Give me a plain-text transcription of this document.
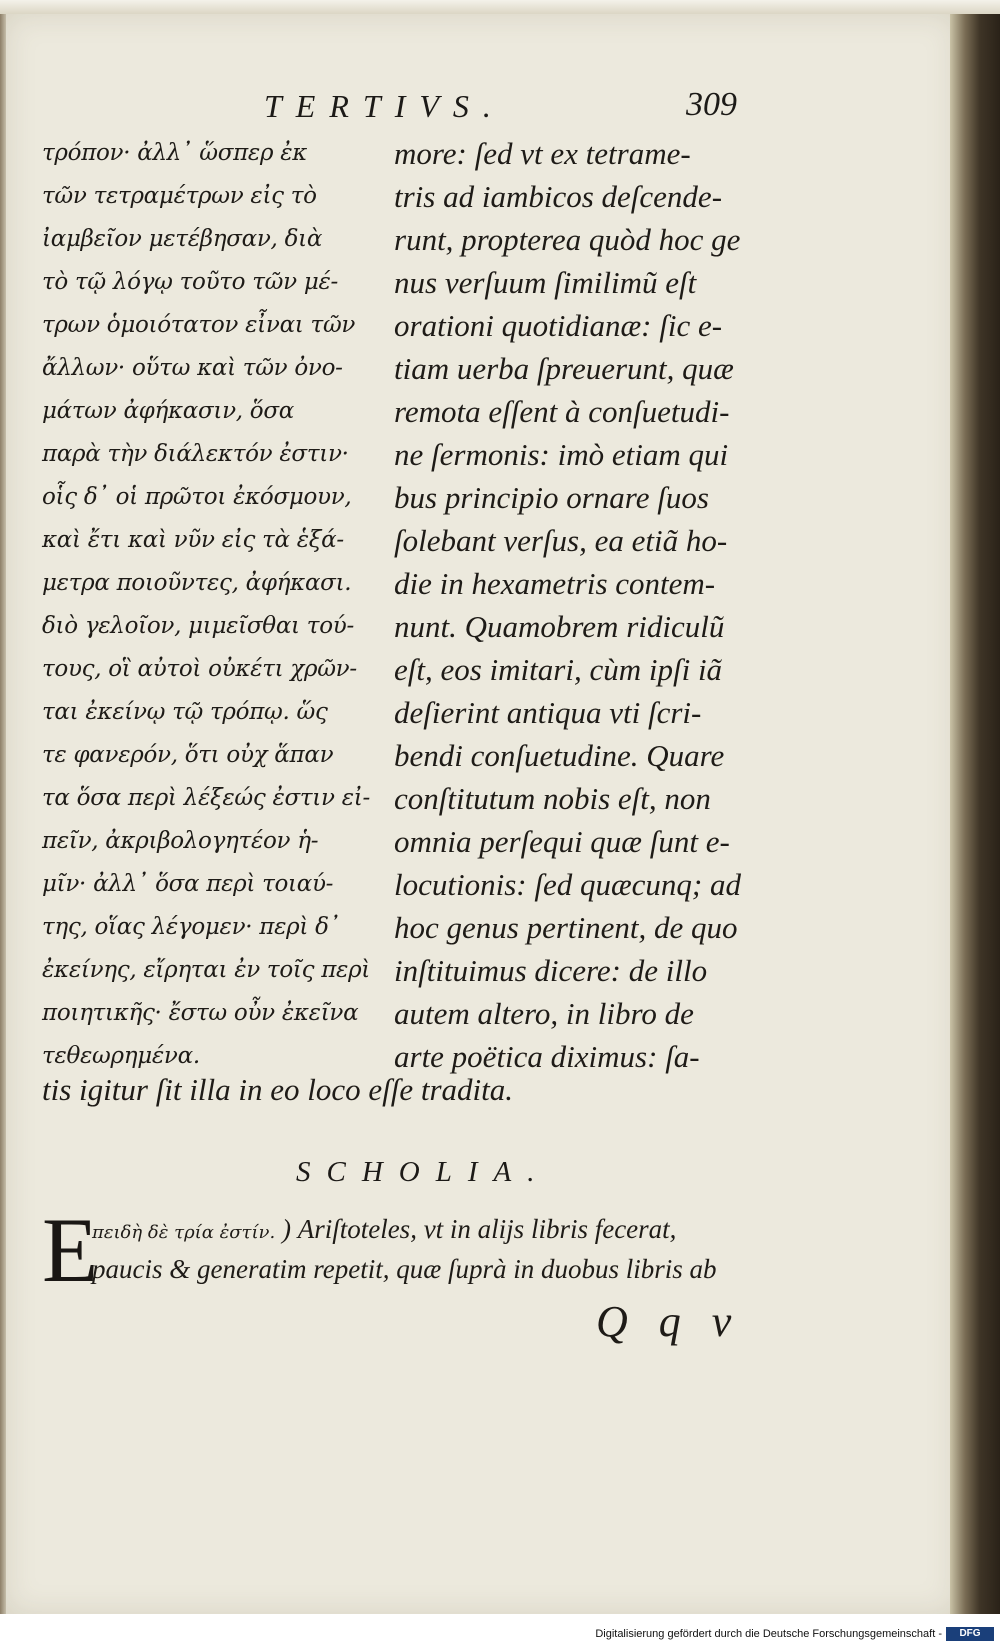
TERTIVS.	309
τρόπον· ἀλλ᾽ ὥσπερ ἐκ
τῶν τετραμέτρων εἰς τὸ
ἰαμβεῖον μετέβησαν, διὰ
τὸ τῷ λόγῳ τοῦτο τῶν μέ-
τρων ὁμοιότατον εἶναι τῶν
ἄλλων· οὕτω καὶ τῶν ὀνο-
μάτων ἀφήκασιν, ὅσα
παρὰ τὴν διάλεκτόν ἐστιν·
οἷς δ᾽ οἱ πρῶτοι ἐκόσμουν,
καὶ ἔτι καὶ νῦν εἰς τὰ ἑξά-
μετρα ποιοῦντες, ἀφήκασι.
διὸ γελοῖον, μιμεῖσθαι τού-
τους, οἳ αὐτοὶ οὐκέτι χρῶν-
ται ἐκείνῳ τῷ τρόπῳ. ὥς
τε φανερόν, ὅτι οὐχ ἅπαν
τα ὅσα περὶ λέξεώς ἐστιν εἰ-
πεῖν, ἀκριβολογητέον ἡ-
μῖν· ἀλλ᾽ ὅσα περὶ τοιαύ-
της, οἵας λέγομεν· περὶ δ᾽
ἐκείνης, εἴρηται ἐν τοῖς περὶ
ποιητικῆς· ἔστω οὖν ἐκεῖνα
τεθεωρημένα.
more: ſed vt ex tetrame-
tris ad iambicos deſcende-
runt, propterea quòd hoc ge
nus verſuum ſimilimũ eſt
orationi quotidianæ: ſic e-
tiam uerba ſpreuerunt, quæ
remota eſſent à conſuetudi-
ne ſermonis: imò etiam qui
bus principio ornare ſuos
ſolebant verſus, ea etiã ho-
die in hexametris contem-
nunt. Quamobrem ridiculũ
eſt, eos imitari, cùm ipſi iã
deſierint antiqua vti ſcri-
bendi conſuetudine. Quare
conſtitutum nobis eſt, non
omnia perſequi quæ ſunt e-
locutionis: ſed quæcunq; ad
hoc genus pertinent, de quo
inſtituimus dicere: de illo
autem altero, in libro de
arte poëtica diximus: ſa-
tis igitur ſit illa in eo loco eſſe tradita.
SCHOLIA.
E
πειδὴ δὲ τρία ἐστίν. ) Ariſtoteles, vt in alijs libris fecerat,
paucis & generatim repetit, quæ ſuprà in duobus libris ab
Q q v
Digitalisierung gefördert durch die Deutsche Forschungsgemeinschaft -	DFG
